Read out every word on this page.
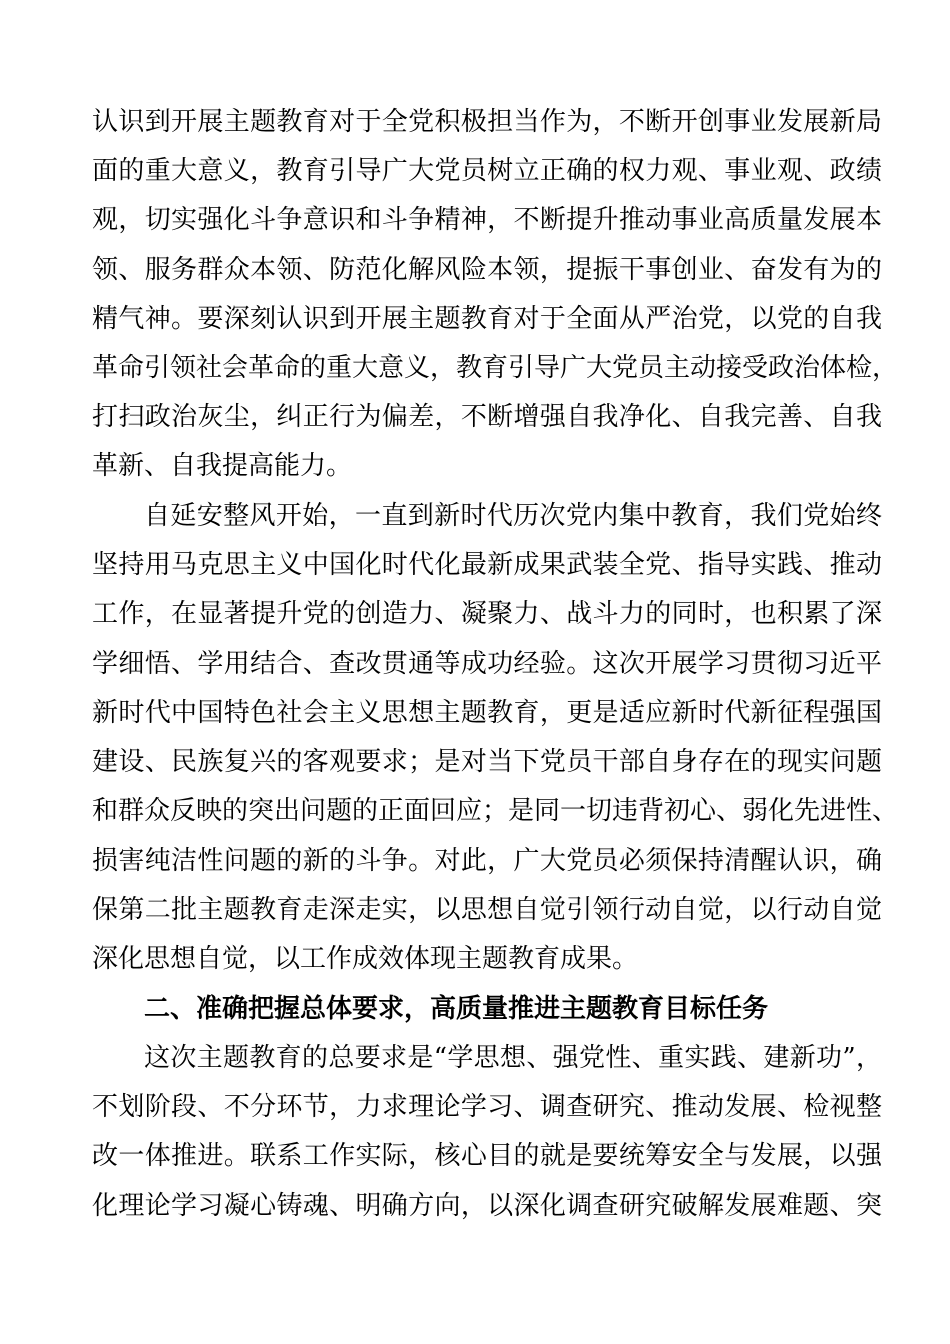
认识到开展主题教育对于全党积极担当作为，不断开创事业发展新局
面的重大意义，教育引导广大党员树立正确的权力观、事业观、政绩
观，切实强化斗争意识和斗争精神，不断提升推动事业高质量发展本
领、服务群众本领、防范化解风险本领，提振干事创业、奋发有为的
精气神。要深刻认识到开展主题教育对于全面从严治党，以党的自我
革命引领社会革命的重大意义，教育引导广大党员主动接受政治体检，
打扫政治灰尘，纠正行为偏差，不断增强自我净化、自我完善、自我
革新、自我提高能力。
自延安整风开始，一直到新时代历次党内集中教育，我们党始终
坚持用马克思主义中国化时代化最新成果武装全党、指导实践、推动
工作，在显著提升党的创造力、凝聚力、战斗力的同时，也积累了深
学细悟、学用结合、查改贯通等成功经验。这次开展学习贯彻习近平
新时代中国特色社会主义思想主题教育，更是适应新时代新征程强国
建设、民族复兴的客观要求；是对当下党员干部自身存在的现实问题
和群众反映的突出问题的正面回应；是同一切违背初心、弱化先进性、
损害纯洁性问题的新的斗争。对此，广大党员必须保持清醒认识，确
保第二批主题教育走深走实，以思想自觉引领行动自觉，以行动自觉
深化思想自觉，以工作成效体现主题教育成果。
二、准确把握总体要求，高质量推进主题教育目标任务
这次主题教育的总要求是“学思想、强党性、重实践、建新功”，
不划阶段、不分环节，力求理论学习、调查研究、推动发展、检视整
改一体推进。联系工作实际，核心目的就是要统筹安全与发展，以强
化理论学习凝心铸魂、明确方向，以深化调查研究破解发展难题、突
